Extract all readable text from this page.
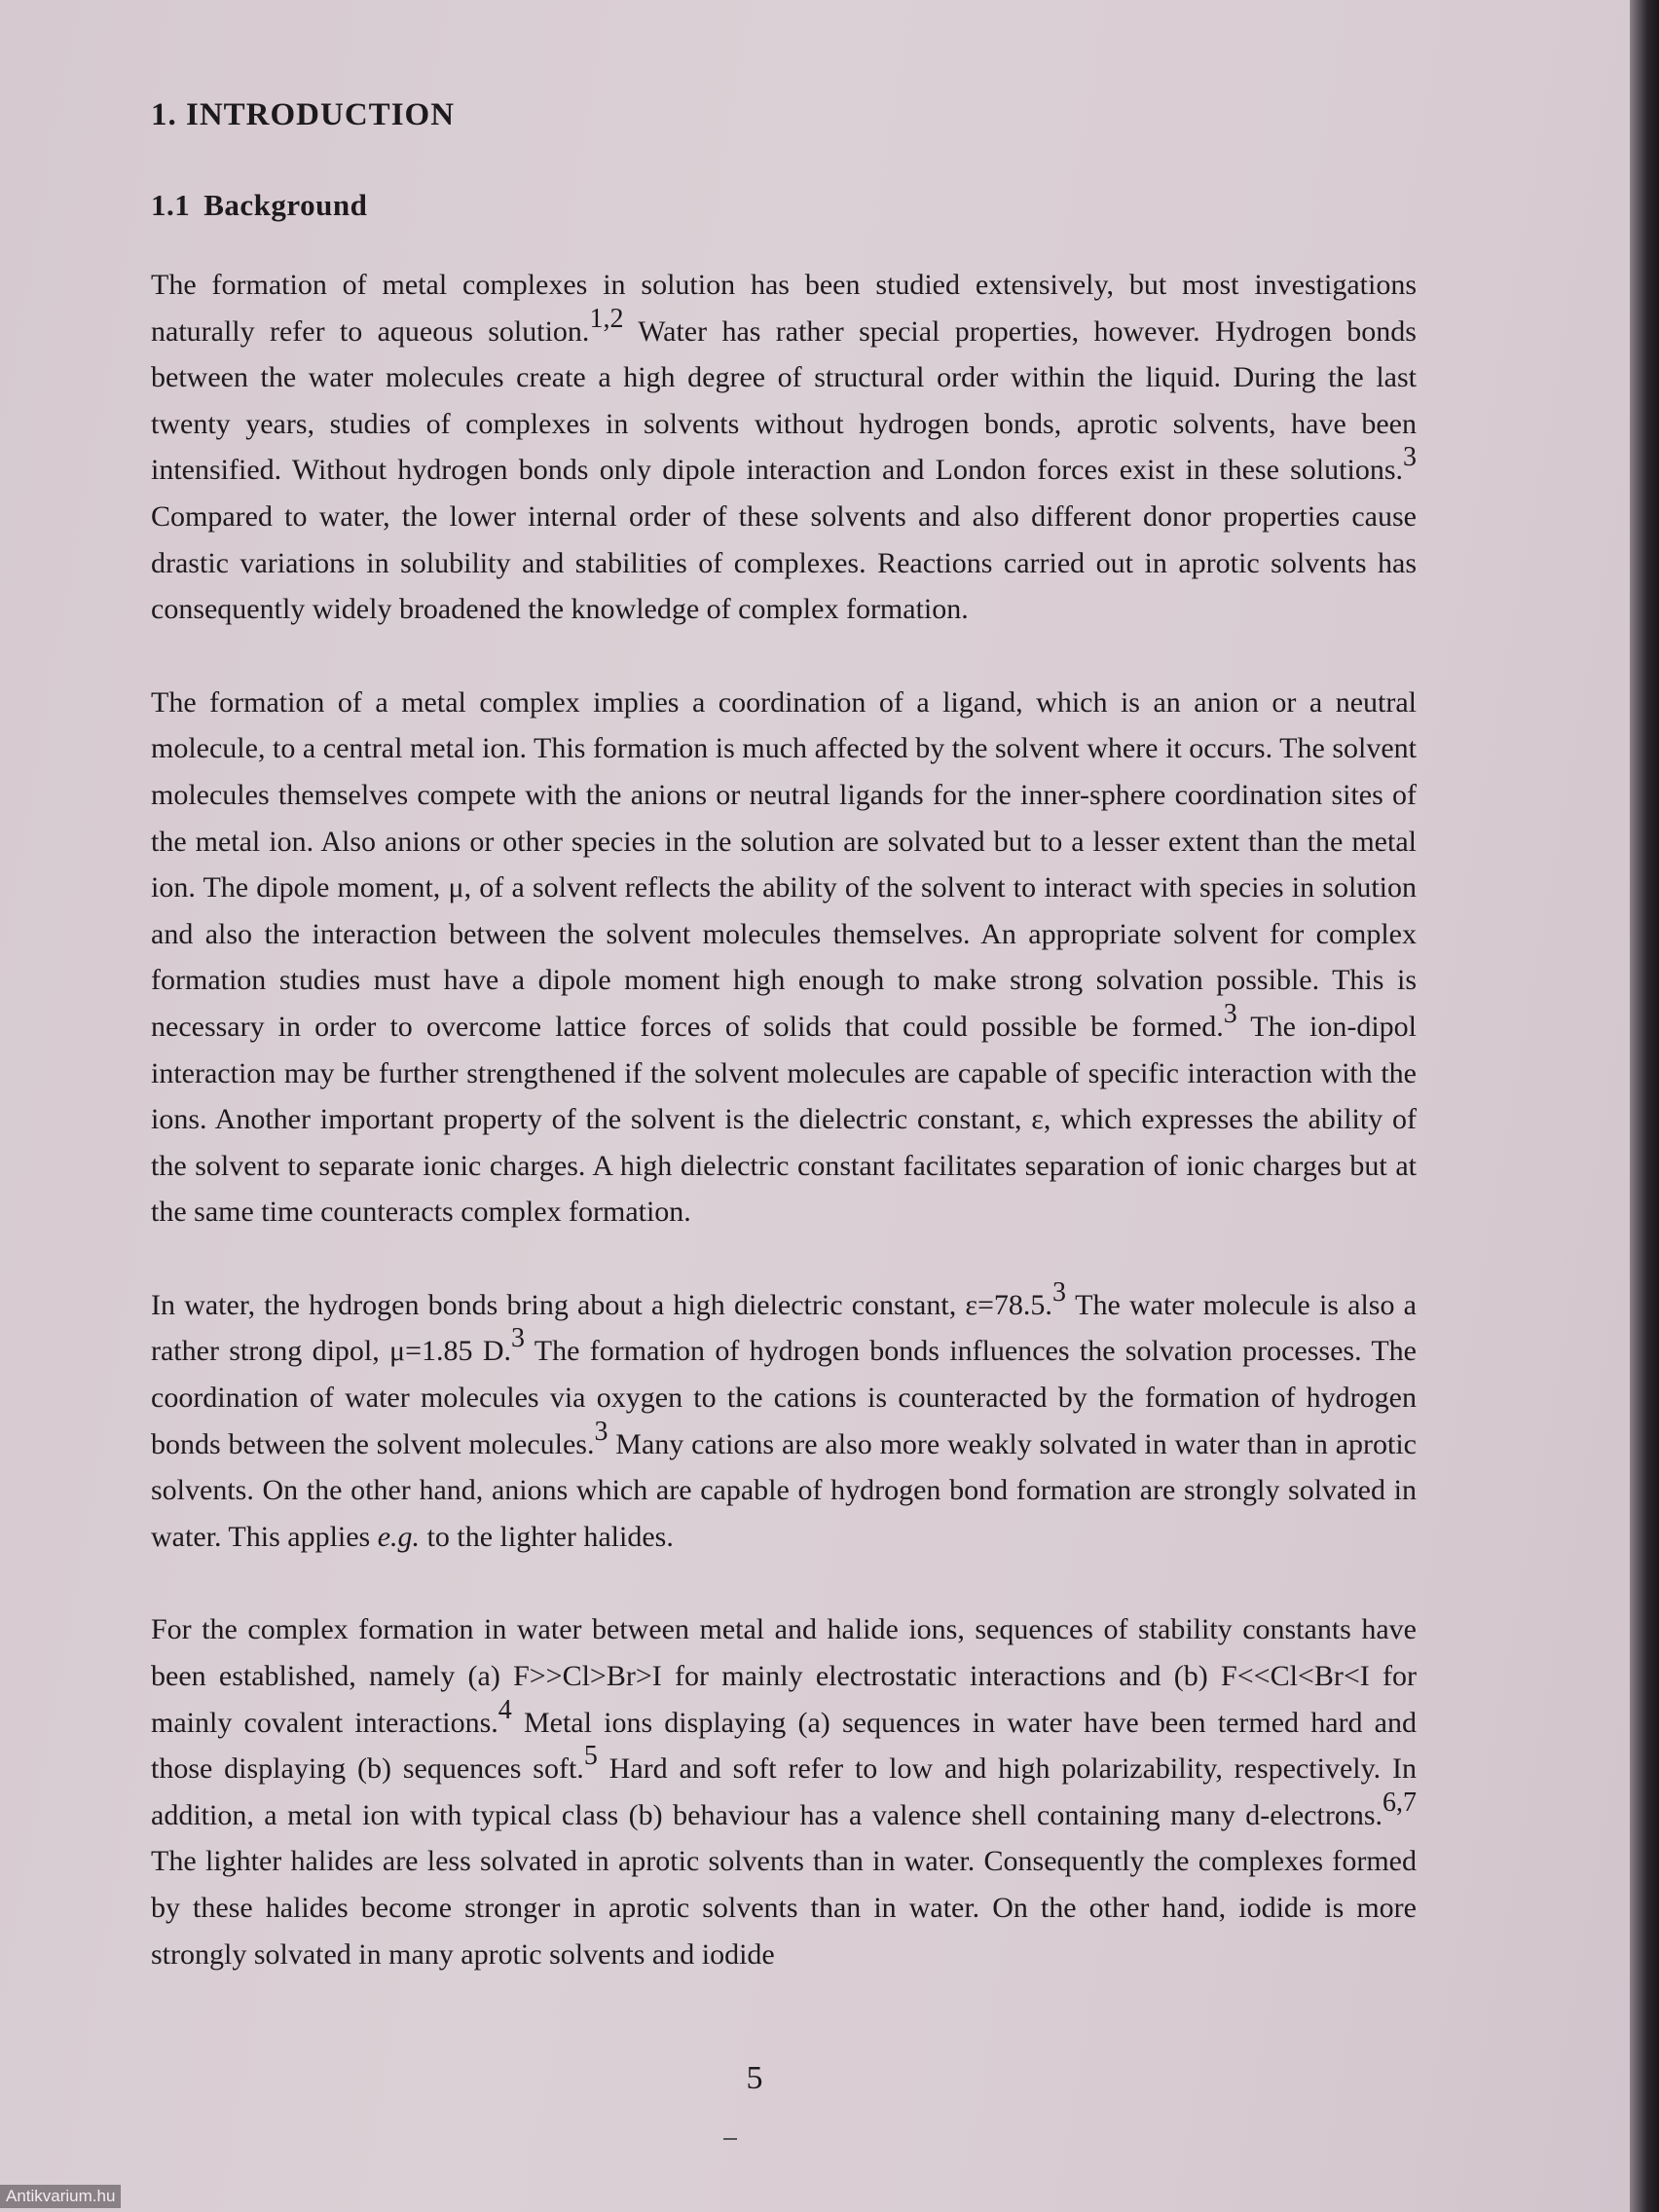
1. INTRODUCTION
1.1 Background

The formation of metal complexes in solution has been studied extensively, but most investigations naturally refer to aqueous solution.$^{1,2}$ Water has rather special properties, however. Hydrogen bonds between the water molecules create a high degree of structural order within the liquid. During the last twenty years, studies of complexes in solvents without hydrogen bonds, aprotic solvents, have been intensified. Without hydrogen bonds only dipole interaction and London forces exist in these solutions.$^3$ Compared to water, the lower internal order of these solvents and also different donor properties cause drastic variations in solubility and stabilities of complexes. Reactions carried out in aprotic solvents has consequently widely broadened the knowledge of complex formation.

The formation of a metal complex implies a coordination of a ligand, which is an anion or a neutral molecule, to a central metal ion. This formation is much affected by the solvent where it occurs. The solvent molecules themselves compete with the anions or neutral ligands for the inner-sphere coordination sites of the metal ion. Also anions or other species in the solution are solvated but to a lesser extent than the metal ion. The dipole moment, μ, of a solvent reflects the ability of the solvent to interact with species in solution and also the interaction between the solvent molecules themselves. An appropriate solvent for complex formation studies must have a dipole moment high enough to make strong solvation possible. This is necessary in order to overcome lattice forces of solids that could possible be formed.$^3$ The ion-dipol interaction may be further strengthened if the solvent molecules are capable of specific interaction with the ions. Another important property of the solvent is the dielectric constant, ε, which expresses the ability of the solvent to separate ionic charges. A high dielectric constant facilitates separation of ionic charges but at the same time counteracts complex formation.

In water, the hydrogen bonds bring about a high dielectric constant, ε=78.5.$^3$ The water molecule is also a rather strong dipol, μ=1.85 D.$^3$ The formation of hydrogen bonds influences the solvation processes. The coordination of water molecules via oxygen to the cations is counteracted by the formation of hydrogen bonds between the solvent molecules.$^3$ Many cations are also more weakly solvated in water than in aprotic solvents. On the other hand, anions which are capable of hydrogen bond formation are strongly solvated in water. This applies e.g. to the lighter halides.

For the complex formation in water between metal and halide ions, sequences of stability constants have been established, namely (a) F>>Cl>Br>I for mainly electrostatic interactions and (b) F<<Cl<Br<I for mainly covalent interactions.$^4$ Metal ions displaying (a) sequences in water have been termed hard and those displaying (b) sequences soft.$^5$ Hard and soft refer to low and high polarizability, respectively. In addition, a metal ion with typical class (b) behaviour has a valence shell containing many d-electrons.$^{6,7}$ The lighter halides are less solvated in aprotic solvents than in water. Consequently the complexes formed by these halides become stronger in aprotic solvents than in water. On the other hand, iodide is more strongly solvated in many aprotic solvents and iodide

5
Antikvarium.hu
